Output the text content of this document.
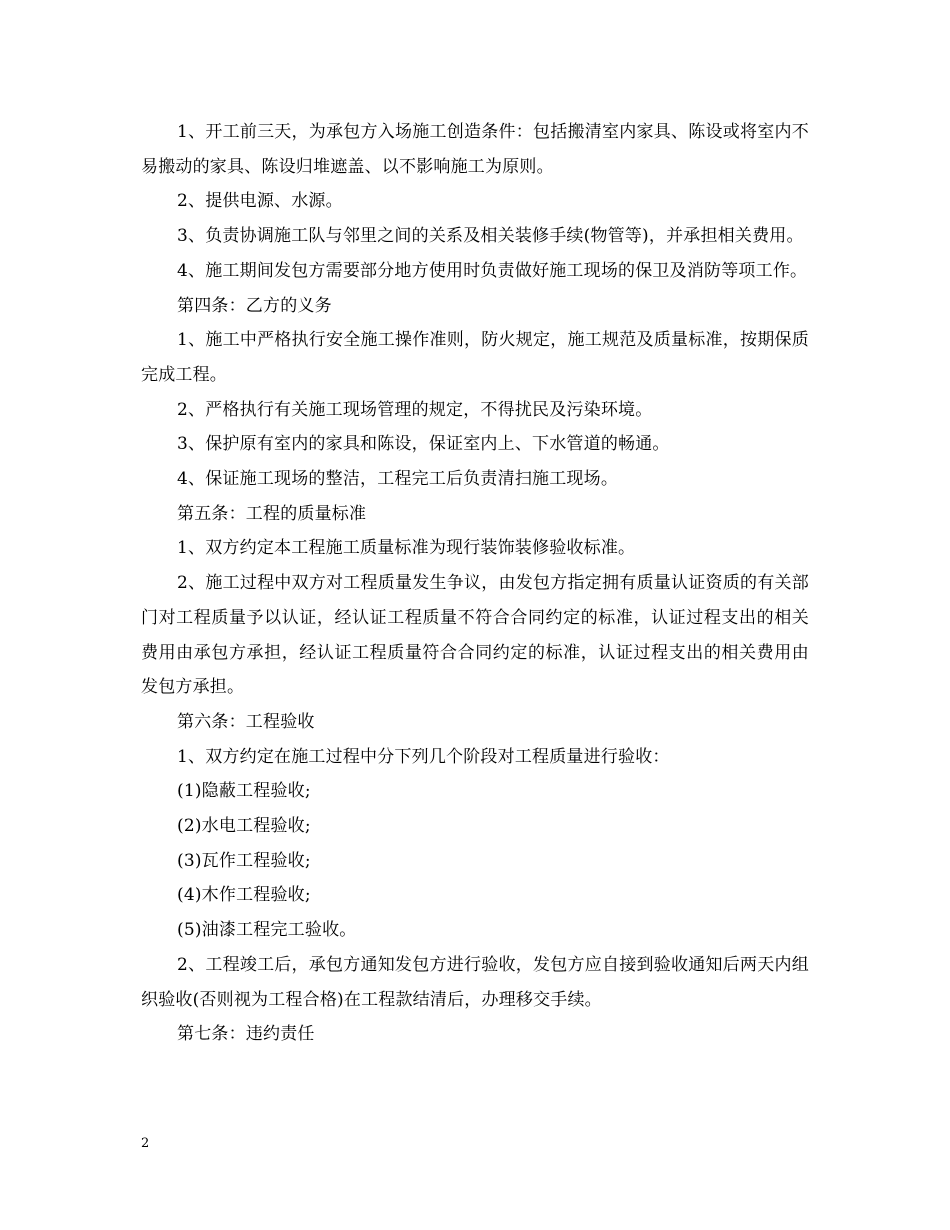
1、开工前三天，为承包方入场施工创造条件：包括搬清室内家具、陈设或将室内不易搬动的家具、陈设归堆遮盖、以不影响施工为原则。

2、提供电源、水源。

3、负责协调施工队与邻里之间的关系及相关装修手续(物管等)，并承担相关费用。

4、施工期间发包方需要部分地方使用时负责做好施工现场的保卫及消防等项工作。

第四条：乙方的义务

1、施工中严格执行安全施工操作准则，防火规定，施工规范及质量标准，按期保质完成工程。

2、严格执行有关施工现场管理的规定，不得扰民及污染环境。

3、保护原有室内的家具和陈设，保证室内上、下水管道的畅通。

4、保证施工现场的整洁，工程完工后负责清扫施工现场。

第五条：工程的质量标准

1、双方约定本工程施工质量标准为现行装饰装修验收标准。

2、施工过程中双方对工程质量发生争议，由发包方指定拥有质量认证资质的有关部门对工程质量予以认证，经认证工程质量不符合合同约定的标准，认证过程支出的相关费用由承包方承担，经认证工程质量符合合同约定的标准，认证过程支出的相关费用由发包方承担。

第六条：工程验收

1、双方约定在施工过程中分下列几个阶段对工程质量进行验收：

(1)隐蔽工程验收;

(2)水电工程验收;

(3)瓦作工程验收;

(4)木作工程验收;

(5)油漆工程完工验收。

2、工程竣工后，承包方通知发包方进行验收，发包方应自接到验收通知后两天内组织验收(否则视为工程合格)在工程款结清后，办理移交手续。

第七条：违约责任

2
